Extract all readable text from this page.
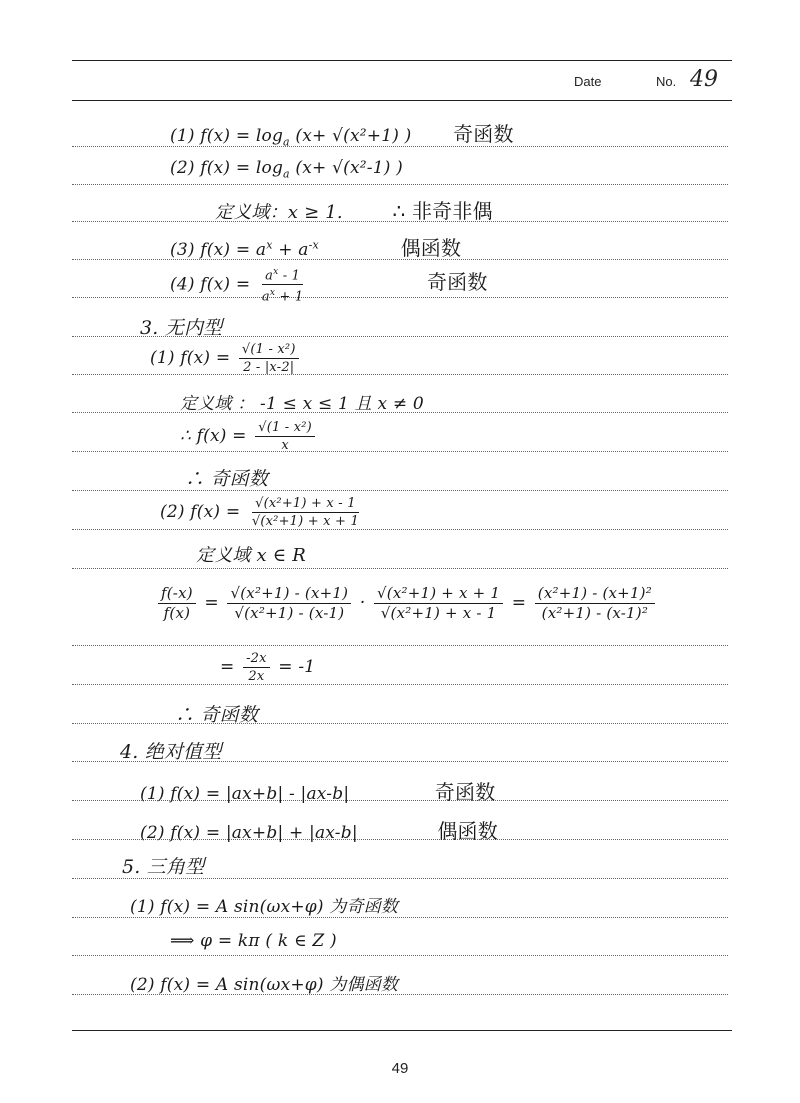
Date	No. 49
(1) $f(x) = \log_a (x+ √(x^2+1)$ ) 奇函数
(2) $f(x) = \log_a (x+ √(x^2-1)$ )
定义域：x ≥ 1. ∴ 非奇非偶
(3) $f(x) = a^x + a^{-x}$	偶函数
(4) $f(x) = \frac{a^x - 1}{a^x + 1}$	奇函数
3. 无内型
(1) $f(x) = \frac{\text{√(1 - x²)}}{2 - |x-2|}$
定义域 ： -1 ≤ x ≤ 1 且 x ≠ 0
∴ $f(x) = \frac{\text{√(1 - x²)}}{x}$
∴ 奇函数
(2) $f(x) = \frac{\text{√(x²+1) + x - 1}}{\text{√(x²+1) + x + 1}}$
定义域 x ∈ R
$\frac{f(-x)}{f(x)} = \frac{\text{√(x²+1) - (x+1)}}{\text{√(x²+1) - (x-1)}} \cdot \frac{\text{√(x²+1) + x + 1}}{\text{√(x²+1) + x - 1}} = \frac{\text{(x²+1) - (x+1)²}}{\text{(x²+1) - (x-1)²}}$
= $\frac{-2x}{2x} = -1$
∴ 奇函数
4. 绝对值型
(1) f(x) = |ax+b| - |ax-b|	奇函数
(2) f(x) = |ax+b| + |ax-b|	偶函数
5. 三角型
(1) f(x) = A sin(ωx+φ) 为奇函数
⟹ φ = kπ ( k ∈ Z )
(2) f(x) = A sin(ωx+φ) 为偶函数
49
